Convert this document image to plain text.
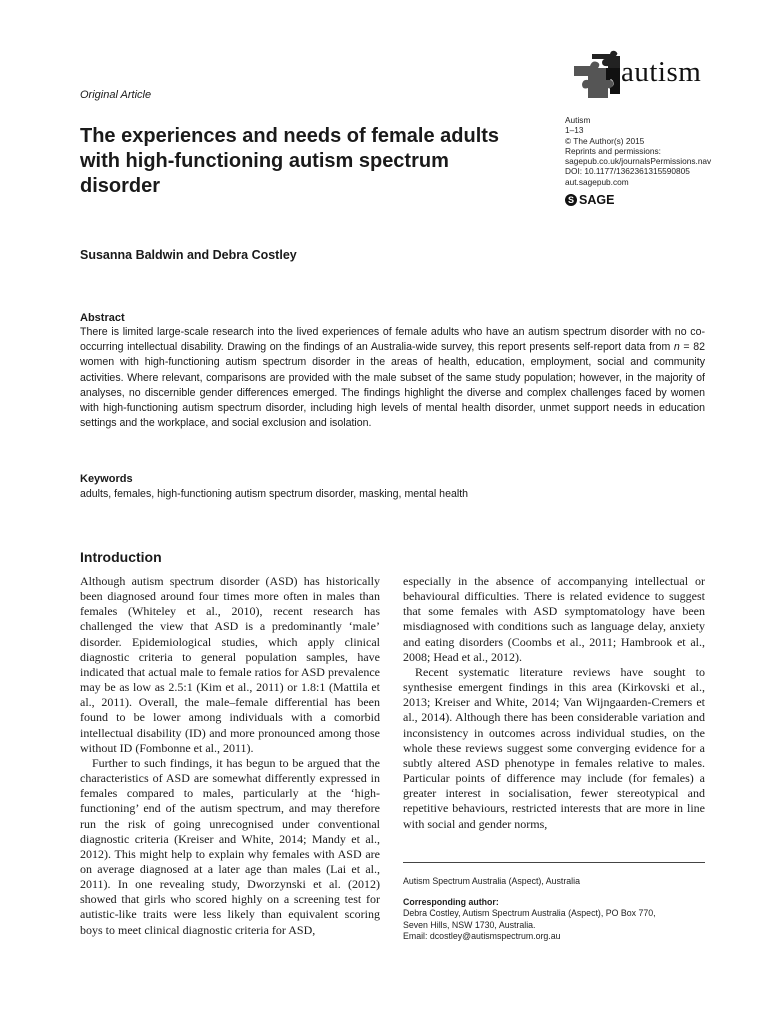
Original Article
autism
Autism
1–13
© The Author(s) 2015
Reprints and permissions:
sagepub.co.uk/journalsPermissions.nav
DOI: 10.1177/1362361315590805
aut.sagepub.com
S SAGE
The experiences and needs of female adults with high-functioning autism spectrum disorder
Susanna Baldwin and Debra Costley
Abstract
There is limited large-scale research into the lived experiences of female adults who have an autism spectrum disorder with no co-occurring intellectual disability. Drawing on the findings of an Australia-wide survey, this report presents self-report data from n = 82 women with high-functioning autism spectrum disorder in the areas of health, education, employment, social and community activities. Where relevant, comparisons are provided with the male subset of the same study population; however, in the majority of analyses, no discernible gender differences emerged. The findings highlight the diverse and complex challenges faced by women with high-functioning autism spectrum disorder, including high levels of mental health disorder, unmet support needs in education settings and the workplace, and social exclusion and isolation.
Keywords
adults, females, high-functioning autism spectrum disorder, masking, mental health
Introduction

Although autism spectrum disorder (ASD) has historically been diagnosed around four times more often in males than females (Whiteley et al., 2010), recent research has challenged the view that ASD is a predominantly ‘male’ disorder. Epidemiological studies, which apply clinical diagnostic criteria to general population samples, have indicated that actual male to female ratios for ASD prevalence may be as low as 2.5:1 (Kim et al., 2011) or 1.8:1 (Mattila et al., 2011). Overall, the male–female differential has been found to be lower among individuals with a comorbid intellectual disability (ID) and more pronounced among those without ID (Fombonne et al., 2011).

Further to such findings, it has begun to be argued that the characteristics of ASD are somewhat differently expressed in females compared to males, particularly at the ‘high-functioning’ end of the autism spectrum, and may therefore run the risk of going unrecognised under conventional diagnostic criteria (Kreiser and White, 2014; Mandy et al., 2012). This might help to explain why females with ASD are on average diagnosed at a later age than males (Lai et al., 2011). In one revealing study, Dworzynski et al. (2012) showed that girls who scored highly on a screening test for autistic-like traits were less likely than equivalent scoring boys to meet clinical diagnostic criteria for ASD,

especially in the absence of accompanying intellectual or behavioural difficulties. There is related evidence to suggest that some females with ASD symptomatology have been misdiagnosed with conditions such as language delay, anxiety and eating disorders (Coombs et al., 2011; Hambrook et al., 2008; Head et al., 2012).

Recent systematic literature reviews have sought to synthesise emergent findings in this area (Kirkovski et al., 2013; Kreiser and White, 2014; Van Wijngaarden-Cremers et al., 2014). Although there has been considerable variation and inconsistency in outcomes across individual studies, on the whole these reviews suggest some converging evidence for a subtly altered ASD phenotype in females relative to males. Particular points of difference may include (for females) a greater interest in socialisation, fewer stereotypical and repetitive behaviours, restricted interests that are more in line with social and gender norms,

Autism Spectrum Australia (Aspect), Australia
Corresponding author:
Debra Costley, Autism Spectrum Australia (Aspect), PO Box 770,
Seven Hills, NSW 1730, Australia.
Email: dcostley@autismspectrum.org.au
